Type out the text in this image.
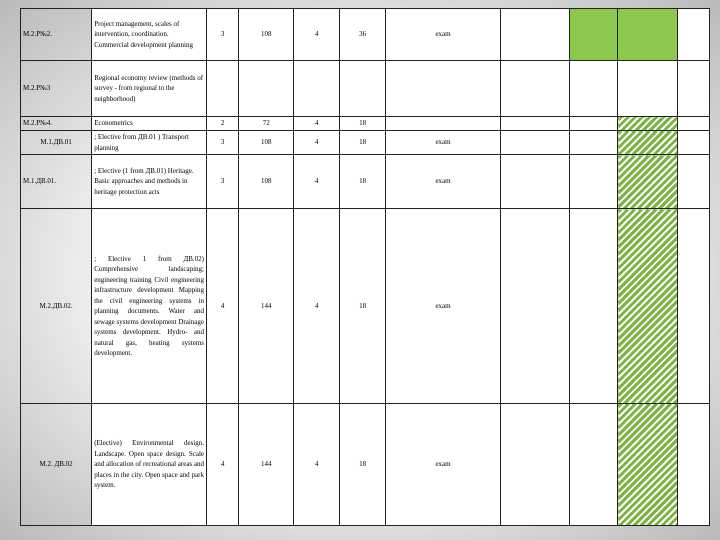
M.2.P№2.	Project management, scales of intervention, coordination. Commercial development planning	3	108	4	36	exam				
M.2.P№3	Regional economy review (methods of survey - from regional to the neighborhood)									
M.2.P№4.	Econometrics	2	72	4	18					
M.1.ДВ.01	; Elective from ДВ.01 ) Transport planning	3	108	4	18	exam				
M.1.ДВ.01.	; Elective (1 from ДВ.01) Heritage. Basic approaches and methods in heritage protection acts	3	108	4	18	exam				
M.2.ДВ.02.	; Elective 1 from ДВ.02) Comprehensive landscaping; engineering training Civil engineering infrastructure development Mapping the civil engineering systems in planning documents. Water and sewage systems development Drainage systems development. Hydro- and natural gas, heating systems development.	4	144	4	18	exam				
M.2. ДВ.02	(Elective) Environmental design. Landscape. Open space design. Scale and allocation of recreational areas and places in the city. Open space and park system.	4	144	4	18	exam				
